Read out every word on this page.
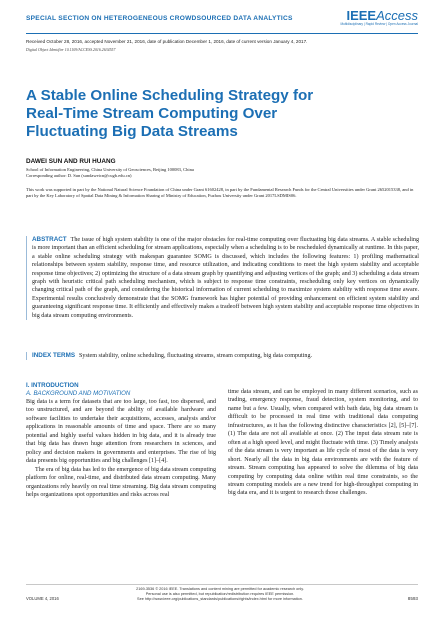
SPECIAL SECTION ON HETEROGENEOUS CROWDSOURCED DATA ANALYTICS	IEEEAccess
Multidisciplinary | Rapid Review | Open Access Journal
Received October 28, 2016, accepted November 21, 2016, date of publication December 1, 2016, date of current version January 4, 2017.
Digital Object Identifier 10.1109/ACCESS.2016.2634557
A Stable Online Scheduling Strategy for Real-Time Stream Computing Over Fluctuating Big Data Streams
DAWEI SUN AND RUI HUANG
School of Information Engineering, China University of Geosciences, Beijing 100083, China
Corresponding author: D. Sun (sundaweicn@cugb.edu.cn)
This work was supported in part by the National Natural Science Foundation of China under Grant 61602428, in part by the Fundamental Research Funds for the Central Universities under Grant 2652015338, and in part by the Key Laboratory of Spatial Data Mining & Information Sharing of Ministry of Education, Fuzhou University under Grant 2017LSDMIS06.
ABSTRACT The issue of high system stability is one of the major obstacles for real-time computing over fluctuating big data streams. A stable scheduling is more important than an efficient scheduling for stream applications, especially when a scheduling is to be rescheduled dynamically at runtime. In this paper, a stable online scheduling strategy with makespan guarantee SOMG is discussed, which includes the following features: 1) profiling mathematical relationships between system stability, response time, and resource utilization, and indicating conditions to meet the high system stability and acceptable response time objectives; 2) optimizing the structure of a data stream graph by quantifying and adjusting vertices of the graph; and 3) scheduling a data stream graph with heuristic critical path scheduling mechanism, which is subject to response time constraints, rescheduling only key vertices on dynamically changing critical path of the graph, and considering the historical information of current scheduling to maximize system stability with response time aware. Experimental results conclusively demonstrate that the SOMG framework has higher potential of providing enhancement on efficient system stability and guaranteeing significant response time. It efficiently and effectively makes a tradeoff between high system stability and acceptable response time objectives in big data stream computing environments.
INDEX TERMS System stability, online scheduling, fluctuating streams, stream computing, big data computing.
I. INTRODUCTION
A. BACKGROUND AND MOTIVATION

Big data is a term for datasets that are too large, too fast, too dispersed, and too unstructured, and are beyond the ability of available hardware and software facilities to undertake their acquisitions, accesses, analysis and/or applications in reasonable amounts of time and space. There are so many potential and highly useful values hidden in big data, and it is already true that big data has drawn huge attention from researchers in sciences, and policy and decision makers in governments and enterprises. The rise of big data presents big opportunities and big challenges [1]–[4].

The era of big data has led to the emergence of big data stream computing platform for online, real-time, and distributed data stream computing. Many organizations rely heavily on real time streaming. Big data stream computing helps organizations spot opportunities and risks across real

time data stream, and can be employed in many different scenarios, such as trading, emergency response, fraud detection, system monitoring, and to name but a few. Usually, when compared with bath data, big data stream is difficult to be processed in real time with traditional data computing infrastructures, as it has the following distinctive characteristics [2], [5]–[7]. (1) The data are not all available at once. (2) The input data stream rate is often at a high speed level, and might fluctuate with time. (3) Timely analysis of the data stream is very important as life cycle of most of the data is very short. Nearly all the data in big data environments are with the feature of stream. Stream computing has appeared to solve the dilemma of big data computing by computing data online within real time constraints, so the stream computing models are a new trend for high-throughput computing in big data era, and it is urgent to research those challenges.

2169-3536 © 2016 IEEE. Translations and content mining are permitted for academic research only.
Personal use is also permitted, but republication/redistribution requires IEEE permission.
See http://www.ieee.org/publications_standards/publications/rights/index.html for more information.
VOLUME 4, 2016	8593
